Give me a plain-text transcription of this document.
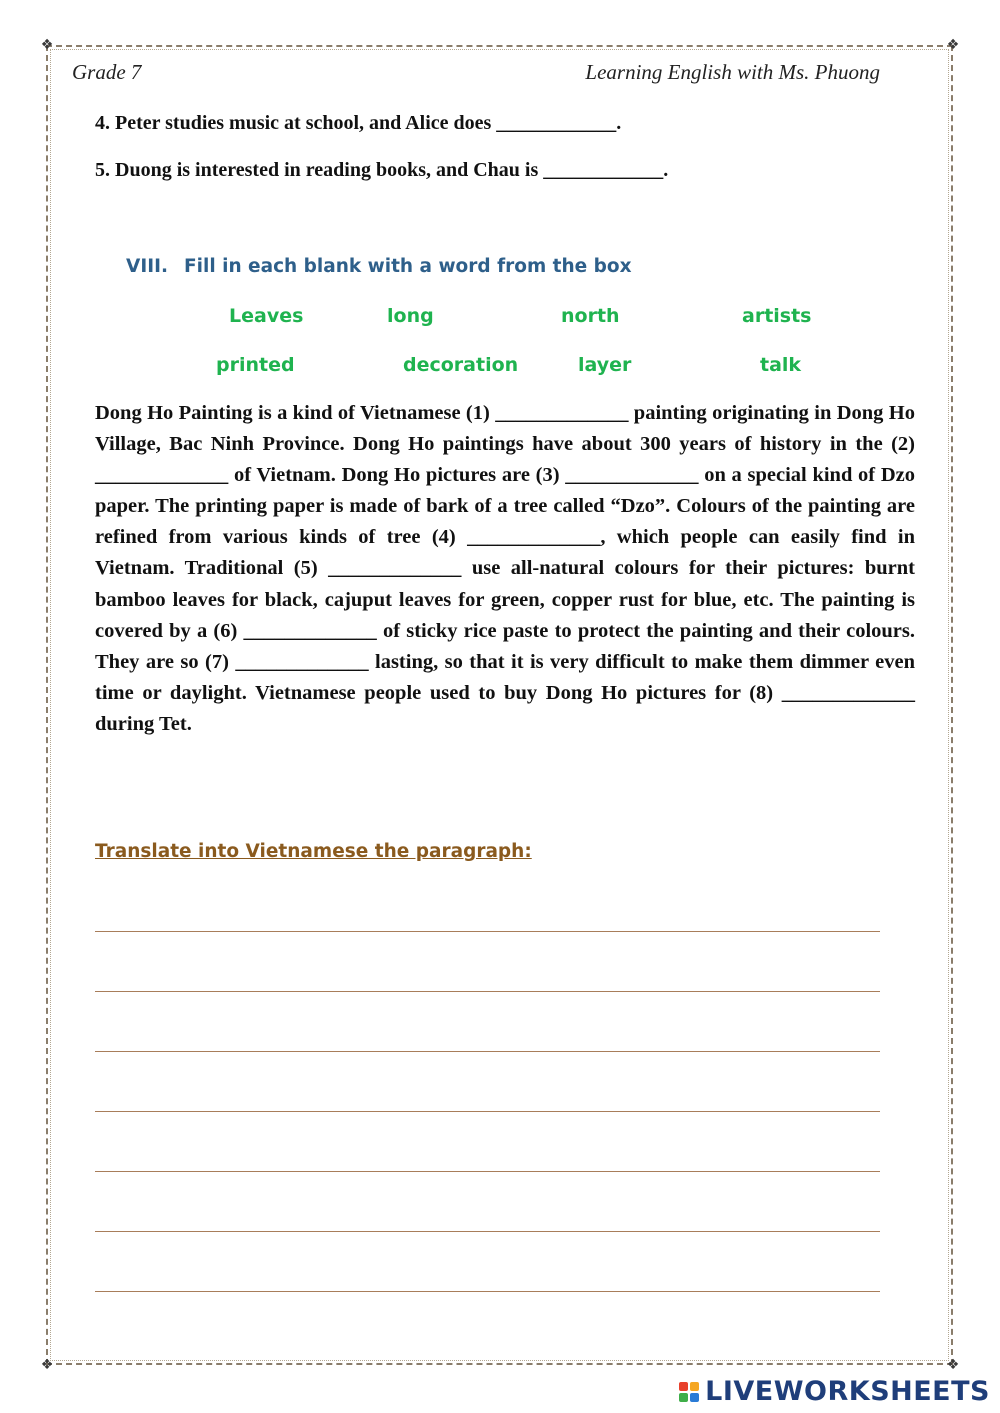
❖	❖
❖	❖
Grade 7	Learning English with Ms. Phuong
4. Peter studies music at school, and Alice does ____________.
5. Duong is interested in reading books, and Chau is ____________.
VIII. Fill in each blank with a word from the box
Leaves	long	north	artists
printed	decoration	layer	talk
Dong Ho Painting is a kind of Vietnamese (1) _____________ painting originating in Dong Ho Village, Bac Ninh Province. Dong Ho paintings have about 300 years of history in the (2) _____________ of Vietnam. Dong Ho pictures are (3) _____________ on a special kind of Dzo paper. The printing paper is made of bark of a tree called “Dzo”. Colours of the painting are refined from various kinds of tree (4) _____________, which people can easily find in Vietnam. Traditional (5) _____________ use all-natural colours for their pictures: burnt bamboo leaves for black, cajuput leaves for green, copper rust for blue, etc. The painting is covered by a (6) _____________ of sticky rice paste to protect the painting and their colours. They are so (7) _____________ lasting, so that it is very difficult to make them dimmer even time or daylight. Vietnamese people used to buy Dong Ho pictures for (8) _____________ during Tet.
Translate into Vietnamese the paragraph:
LIVEWORKSHEETS
